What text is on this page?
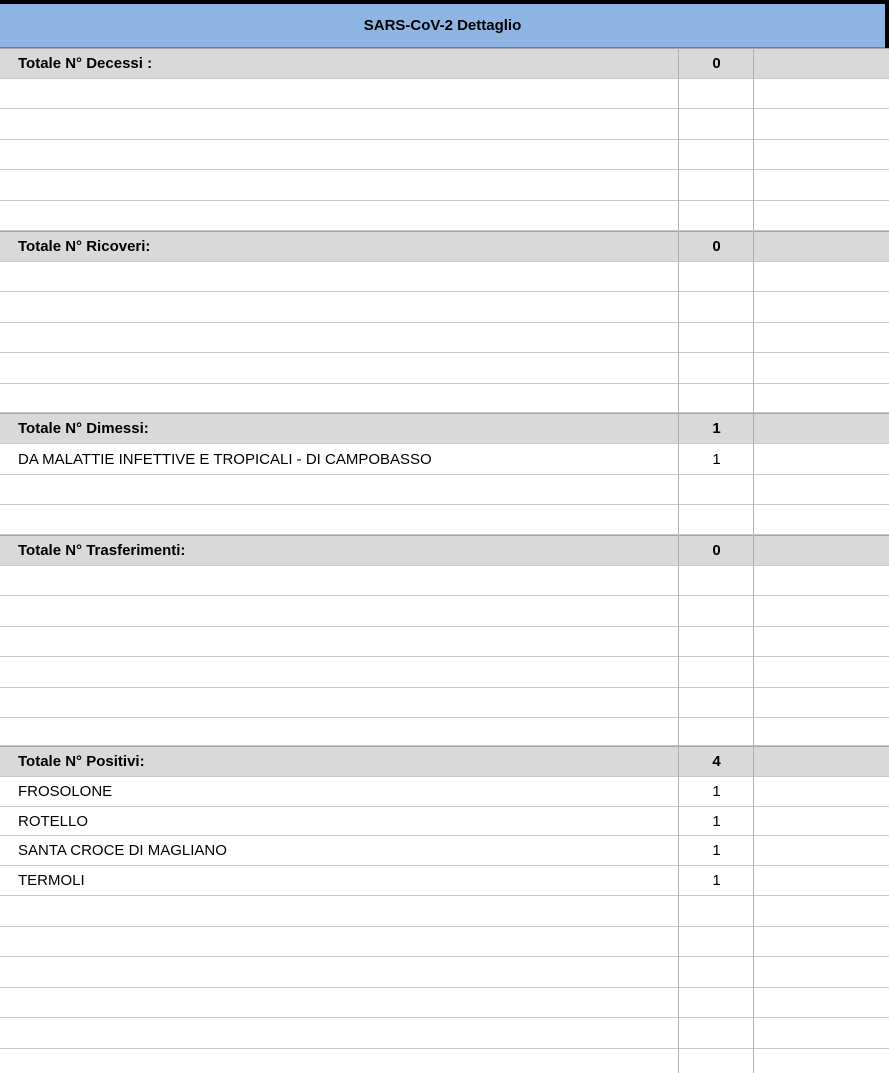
SARS-CoV-2 Dettaglio
Totale N° Decessi :	0
Totale N° Ricoveri:	0
Totale N° Dimessi:	1
DA MALATTIE INFETTIVE E TROPICALI - DI CAMPOBASSO	1
Totale N° Trasferimenti:	0
Totale N° Positivi:	4
FROSOLONE	1
ROTELLO	1
SANTA CROCE DI MAGLIANO	1
TERMOLI	1
